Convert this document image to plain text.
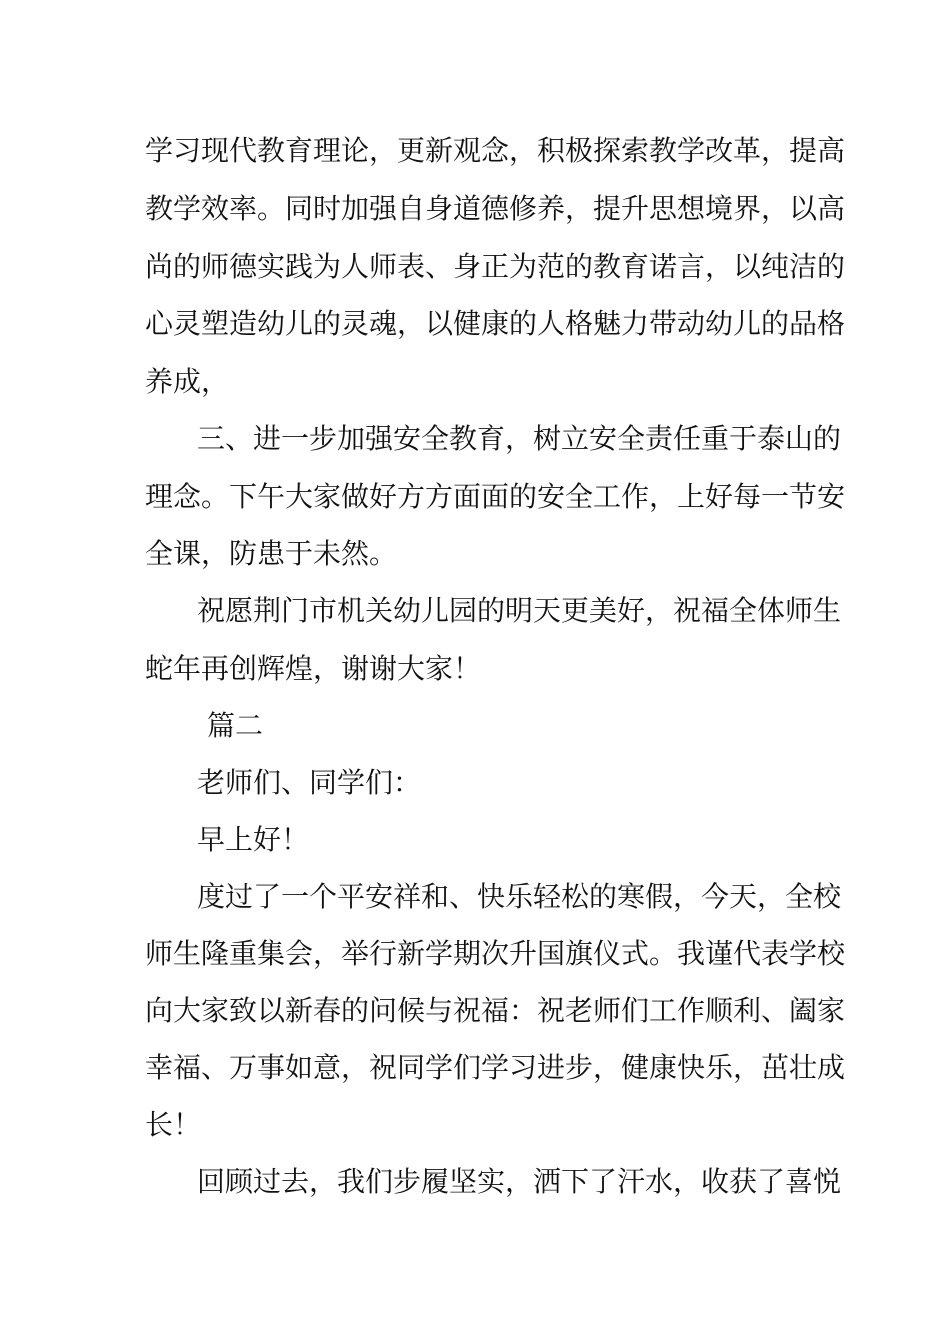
学习现代教育理论，更新观念，积极探索教学改革，提高

教学效率。同时加强自身道德修养，提升思想境界，以高

尚的师德实践为人师表、身正为范的教育诺言，以纯洁的

心灵塑造幼儿的灵魂，以健康的人格魅力带动幼儿的品格

养成，

三、进一步加强安全教育，树立安全责任重于泰山的

理念。下午大家做好方方面面的安全工作，上好每一节安

全课，防患于未然。

祝愿荆门市机关幼儿园的明天更美好，祝福全体师生

蛇年再创辉煌，谢谢大家！

篇二

老师们、同学们：

早上好！

度过了一个平安祥和、快乐轻松的寒假，今天，全校

师生隆重集会，举行新学期次升国旗仪式。我谨代表学校

向大家致以新春的问候与祝福：祝老师们工作顺利、阖家

幸福、万事如意，祝同学们学习进步，健康快乐，茁壮成

长！

回顾过去，我们步履坚实，洒下了汗水，收获了喜悦
